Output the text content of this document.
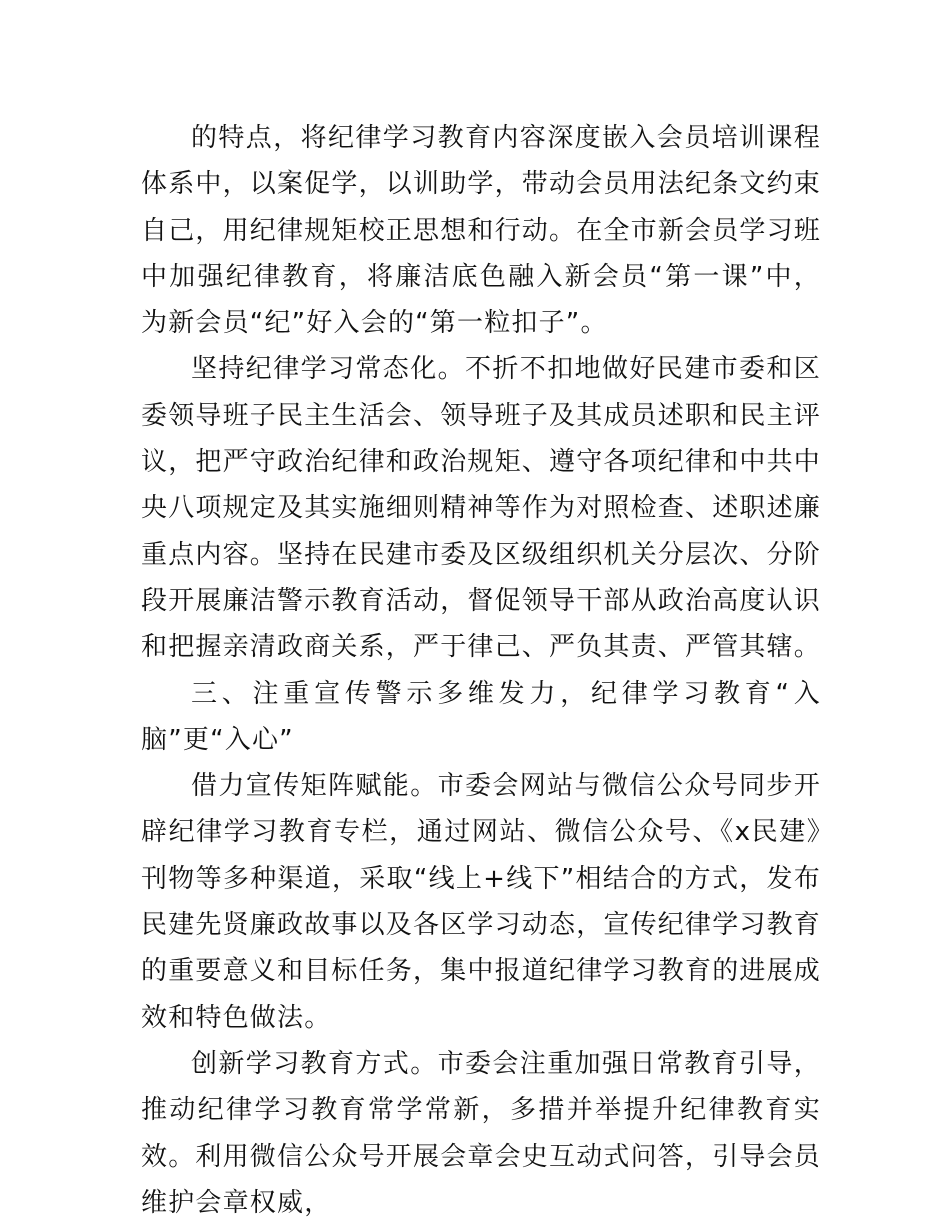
的特点，将纪律学习教育内容深度嵌入会员培训课程体系中，以案促学，以训助学，带动会员用法纪条文约束自己，用纪律规矩校正思想和行动。在全市新会员学习班中加强纪律教育，将廉洁底色融入新会员“第一课”中，为新会员“纪”好入会的“第一粒扣子”。

坚持纪律学习常态化。不折不扣地做好民建市委和区委领导班子民主生活会、领导班子及其成员述职和民主评议，把严守政治纪律和政治规矩、遵守各项纪律和中共中央八项规定及其实施细则精神等作为对照检查、述职述廉重点内容。坚持在民建市委及区级组织机关分层次、分阶段开展廉洁警示教育活动，督促领导干部从政治高度认识和把握亲清政商关系，严于律己、严负其责、严管其辖。

三、注重宣传警示多维发力，纪律学习教育“入脑”更“入心”

借力宣传矩阵赋能。市委会网站与微信公众号同步开辟纪律学习教育专栏，通过网站、微信公众号、《x民建》刊物等多种渠道，采取“线上+线下”相结合的方式，发布民建先贤廉政故事以及各区学习动态，宣传纪律学习教育的重要意义和目标任务，集中报道纪律学习教育的进展成效和特色做法。

创新学习教育方式。市委会注重加强日常教育引导，推动纪律学习教育常学常新，多措并举提升纪律教育实效。利用微信公众号开展会章会史互动式问答，引导会员维护会章权威，
